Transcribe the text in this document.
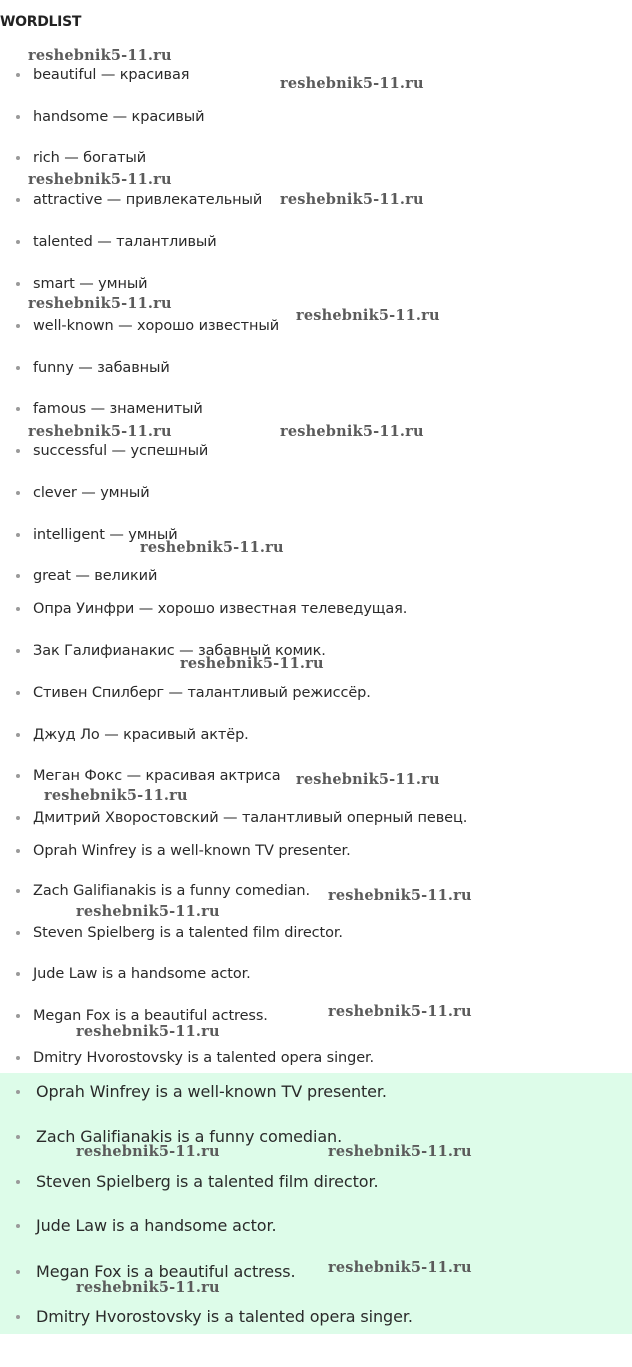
WORDLIST
beautiful — красивая
handsome — красивый
rich — богатый
attractive — привлекательный
talented — талантливый
smart — умный
well-known — хорошо известный
funny — забавный
famous — знаменитый
successful — успешный
clever — умный
intelligent — умный
great — великий
Опра Уинфри — хорошо известная телеведущая.
Зак Галифианакис — забавный комик.
Стивен Спилберг — талантливый режиссёр.
Джуд Ло — красивый актёр.
Меган Фокс — красивая актриса
Дмитрий Хворостовский — талантливый оперный певец.
Oprah Winfrey is a well-known TV presenter.
Zach Galifianakis is a funny comedian.
Steven Spielberg is a talented film director.
Jude Law is a handsome actor.
Megan Fox is a beautiful actress.
Dmitry Hvorostovsky is a talented opera singer.
Oprah Winfrey is a well-known TV presenter.
Zach Galifianakis is a funny comedian.
Steven Spielberg is a talented film director.
Jude Law is a handsome actor.
Megan Fox is a beautiful actress.
Dmitry Hvorostovsky is a talented opera singer.
reshebnik5-11.ru
reshebnik5-11.ru
reshebnik5-11.ru
reshebnik5-11.ru
reshebnik5-11.ru
reshebnik5-11.ru
reshebnik5-11.ru	reshebnik5-11.ru
reshebnik5-11.ru
reshebnik5-11.ru
reshebnik5-11.ru
reshebnik5-11.ru
reshebnik5-11.ru
reshebnik5-11.ru
reshebnik5-11.ru
reshebnik5-11.ru
reshebnik5-11.ru	reshebnik5-11.ru
reshebnik5-11.ru
reshebnik5-11.ru
